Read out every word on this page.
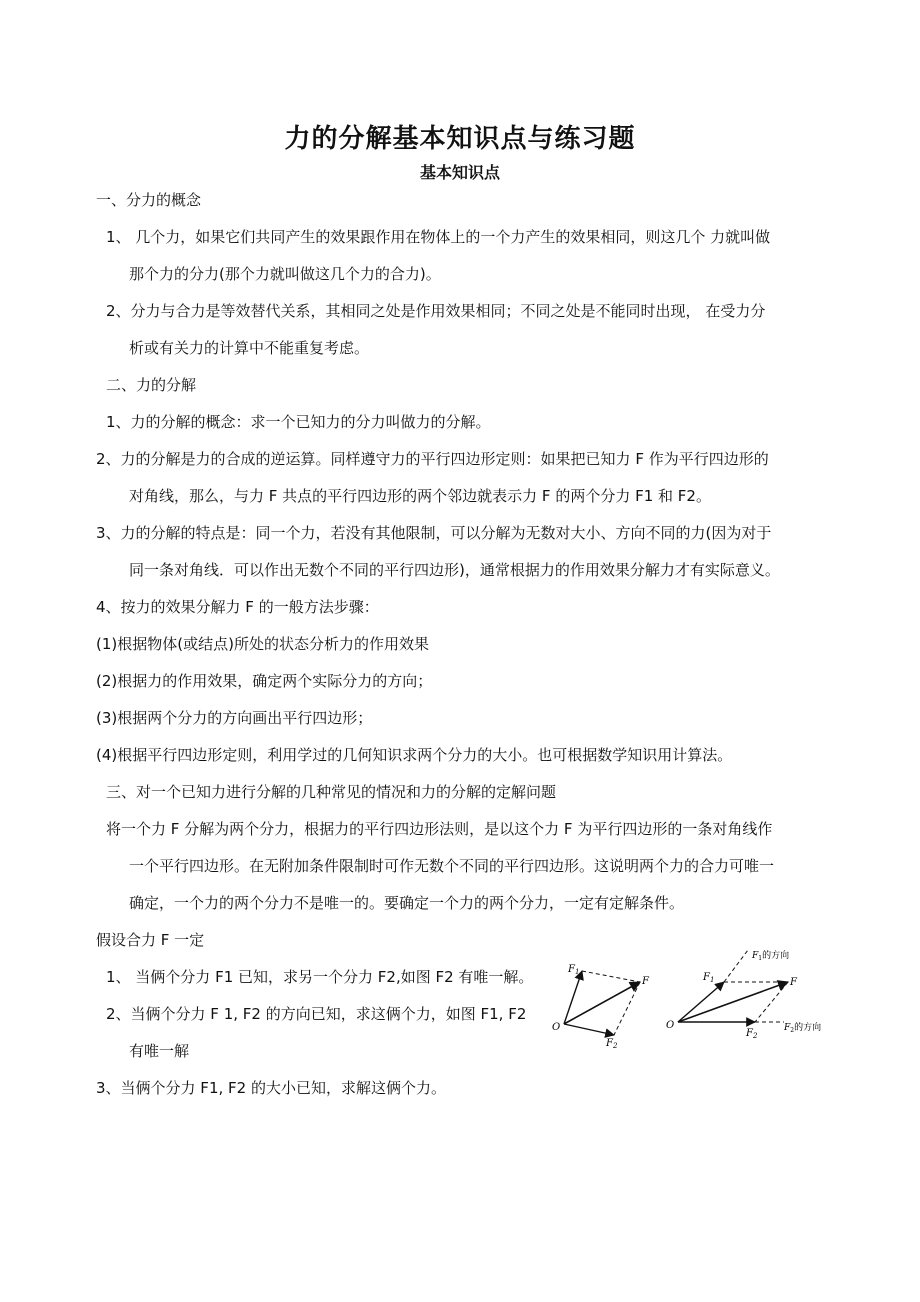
力的分解基本知识点与练习题
基本知识点
一、分力的概念
1、 几个力，如果它们共同产生的效果跟作用在物体上的一个力产生的效果相同，则这几个 力就叫做
那个力的分力(那个力就叫做这几个力的合力)。
2、分力与合力是等效替代关系，其相同之处是作用效果相同；不同之处是不能同时出现， 在受力分
析或有关力的计算中不能重复考虑。
二、力的分解
1、力的分解的概念：求一个已知力的分力叫做力的分解。
2、力的分解是力的合成的逆运算。同样遵守力的平行四边形定则：如果把已知力 F 作为平行四边形的
对角线，那么，与力 F 共点的平行四边形的两个邻边就表示力 F 的两个分力 F1 和 F2。
3、力的分解的特点是：同一个力，若没有其他限制，可以分解为无数对大小、方向不同的力(因为对于
同一条对角线．可以作出无数个不同的平行四边形)，通常根据力的作用效果分解力才有实际意义。
4、按力的效果分解力 F 的一般方法步骤：
(1)根据物体(或结点)所处的状态分析力的作用效果
(2)根据力的作用效果，确定两个实际分力的方向；
(3)根据两个分力的方向画出平行四边形；
(4)根据平行四边形定则，利用学过的几何知识求两个分力的大小。也可根据数学知识用计算法。
三、对一个已知力进行分解的几种常见的情况和力的分解的定解问题
将一个力 F 分解为两个分力，根据力的平行四边形法则，是以这个力 F 为平行四边形的一条对角线作
一个平行四边形。在无附加条件限制时可作无数个不同的平行四边形。这说明两个力的合力可唯一
确定，一个力的两个分力不是唯一的。要确定一个力的两个分力，一定有定解条件。
假设合力 F 一定
1、 当俩个分力 F1 已知，求另一个分力 F2,如图 F2 有唯一解。
2、当俩个分力 F 1, F2 的方向已知，求这俩个力，如图 F1, F2
有唯一解
3、当俩个分力 F1, F2 的大小已知，求解这俩个力。
O
F
$F_1$
$F_2$
O
F
$F_1$
$F_2$
$F_1$的方向
$F_2$的方向
